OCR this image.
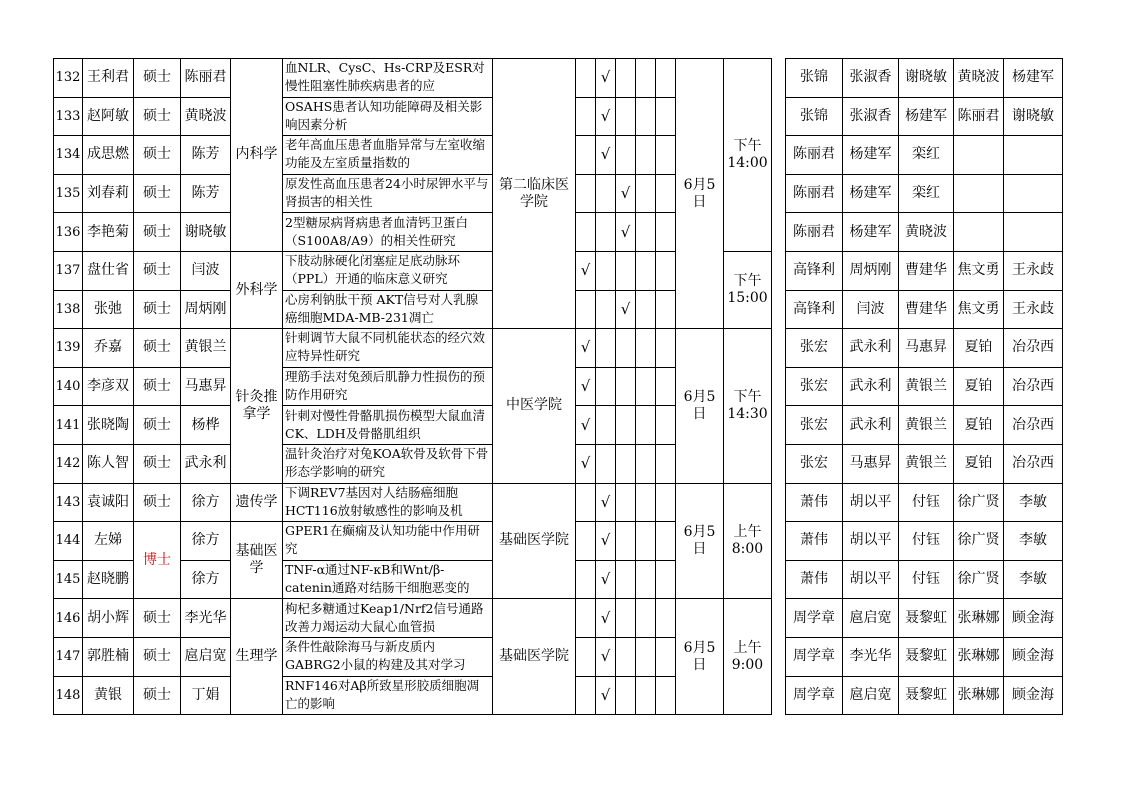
132	王利君	硕士	陈丽君	内科学	血NLR、CysC、Hs-CRP及ESR对慢性阻塞性肺疾病患者的应	第二临床医学院		√				6月5日	下午14:00		张锦	张淑香	谢晓敏	黄晓波	杨建军
133	赵阿敏	硕士	黄晓波		OSAHS患者认知功能障碍及相关影响因素分析			√							张锦	张淑香	杨建军	陈丽君	谢晓敏
134	成思燃	硕士	陈芳		老年高血压患者血脂异常与左室收缩功能及左室质量指数的			√							陈丽君	杨建军	栾红		
135	刘春莉	硕士	陈芳		原发性高血压患者24小时尿钾水平与肾损害的相关性				√						陈丽君	杨建军	栾红		
136	李艳菊	硕士	谢晓敏		2型糖尿病肾病患者血清钙卫蛋白（S100A8/A9）的相关性研究				√						陈丽君	杨建军	黄晓波		
137	盘仕省	硕士	闫波	外科学	下肢动脉硬化闭塞症足底动脉环（PPL）开通的临床意义研究		√						下午15:00		高锋利	周炳刚	曹建华	焦文勇	王永歧
138	张弛	硕士	周炳刚		心房利钠肽干预 AKT信号对人乳腺癌细胞MDA-MB-231凋亡				√						高锋利	闫波	曹建华	焦文勇	王永歧
139	乔嘉	硕士	黄银兰	针灸推拿学	针刺调节大鼠不同机能状态的经穴效应特异性研究	中医学院	√					6月5日	下午14:30		张宏	武永利	马惠昇	夏铂	冶尕西
140	李彦双	硕士	马惠昇		理筋手法对兔颈后肌静力性损伤的预防作用研究		√								张宏	武永利	黄银兰	夏铂	冶尕西
141	张晓陶	硕士	杨桦		针刺对慢性骨骼肌损伤模型大鼠血清CK、LDH及骨骼肌组织		√								张宏	武永利	黄银兰	夏铂	冶尕西
142	陈人智	硕士	武永利		温针灸治疗对兔KOA软骨及软骨下骨形态学影响的研究		√								张宏	马惠昇	黄银兰	夏铂	冶尕西
143	袁诚阳	硕士	徐方	遗传学	下调REV7基因对人结肠癌细胞HCT116放射敏感性的影响及机	基础医学院		√				6月5日	上午8:00		萧伟	胡以平	付钰	徐广贤	李敏
144	左娣	博士	徐方	基础医学	GPER1在癫痫及认知功能中作用研究			√							萧伟	胡以平	付钰	徐广贤	李敏
145	赵晓鹏		徐方		TNF-α通过NF-κB和Wnt/β-catenin通路对结肠干细胞恶变的			√							萧伟	胡以平	付钰	徐广贤	李敏
146	胡小辉	硕士	李光华	生理学	枸杞多糖通过Keap1/Nrf2信号通路改善力竭运动大鼠心血管损	基础医学院		√				6月5日	上午9:00		周学章	扈启宽	聂黎虹	张琳娜	顾金海
147	郭胜楠	硕士	扈启宽		条件性敲除海马与新皮质内GABRG2小鼠的构建及其对学习			√							周学章	李光华	聂黎虹	张琳娜	顾金海
148	黄银	硕士	丁娟		RNF146对Aβ所致星形胶质细胞凋亡的影响			√							周学章	扈启宽	聂黎虹	张琳娜	顾金海
